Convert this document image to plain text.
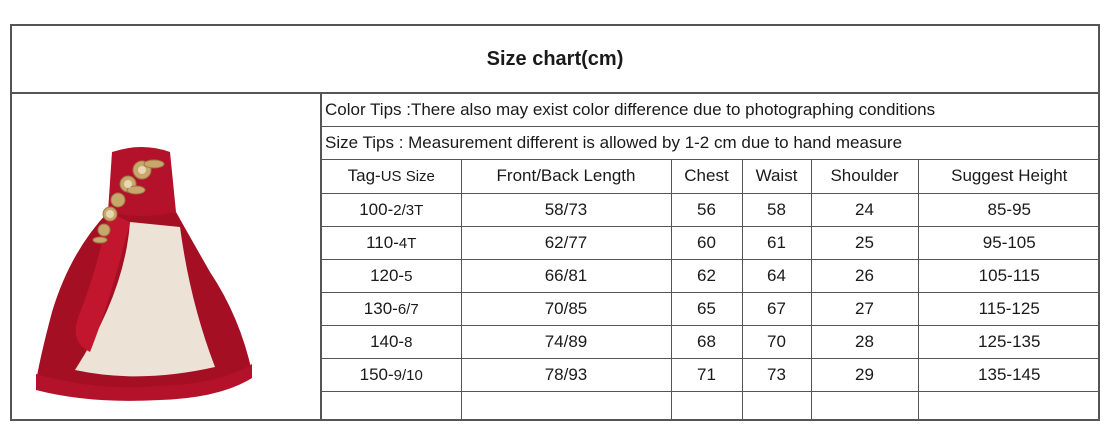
Size chart(cm)
Color Tips :There also may exist color difference due to photographing conditions
Size Tips : Measurement different is allowed by 1-2 cm due to hand measure
Tag-US Size	Front/Back Length	Chest	Waist	Shoulder	Suggest Height
100-2/3T	58/73	56	58	24	85-95
110-4T	62/77	60	61	25	95-105
120-5	66/81	62	64	26	105-115
130-6/7	70/85	65	67	27	115-125
140-8	74/89	68	70	28	125-135
150-9/10	78/93	71	73	29	135-145
